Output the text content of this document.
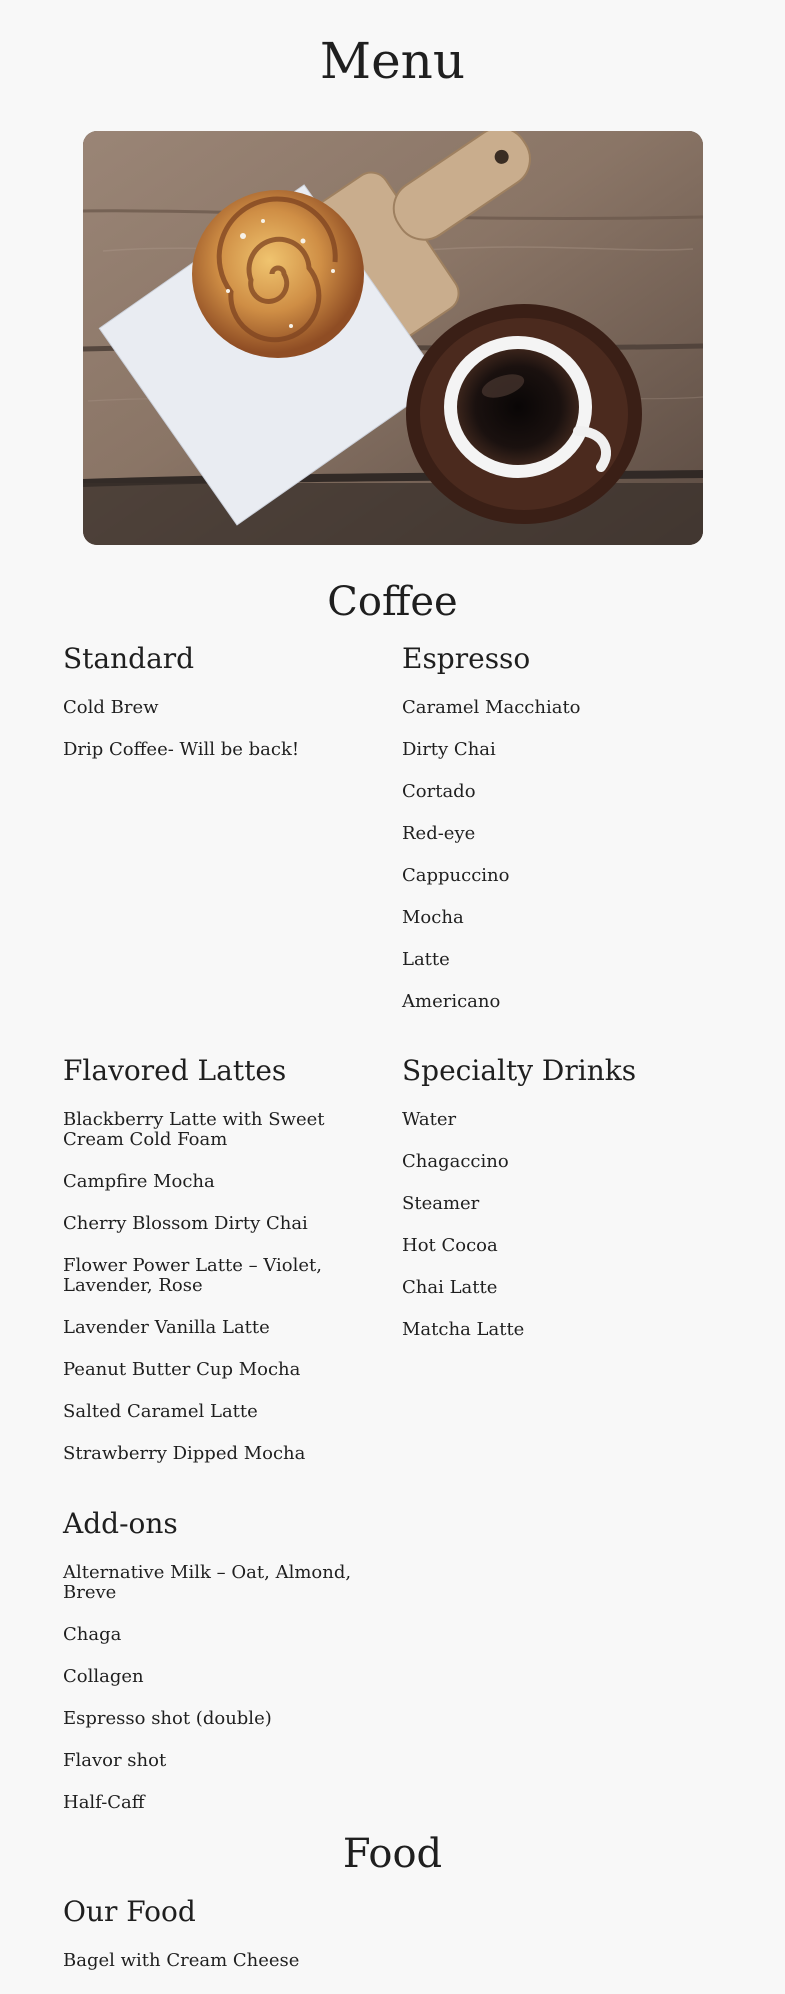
Menu
Coffee
Standard
Cold Brew
Drip Coffee- Will be back!
Espresso
Caramel Macchiato
Dirty Chai
Cortado
Red-eye
Cappuccino
Mocha
Latte
Americano
Flavored Lattes
Blackberry Latte with Sweet Cream Cold Foam
Campfire Mocha
Cherry Blossom Dirty Chai
Flower Power Latte – Violet, Lavender, Rose
Lavender Vanilla Latte
Peanut Butter Cup Mocha
Salted Caramel Latte
Strawberry Dipped Mocha
Specialty Drinks
Water
Chagaccino
Steamer
Hot Cocoa
Chai Latte
Matcha Latte
Add-ons
Alternative Milk – Oat, Almond, Breve
Chaga
Collagen
Espresso shot (double)
Flavor shot
Half-Caff
Food
Our Food
Bagel with Cream Cheese
